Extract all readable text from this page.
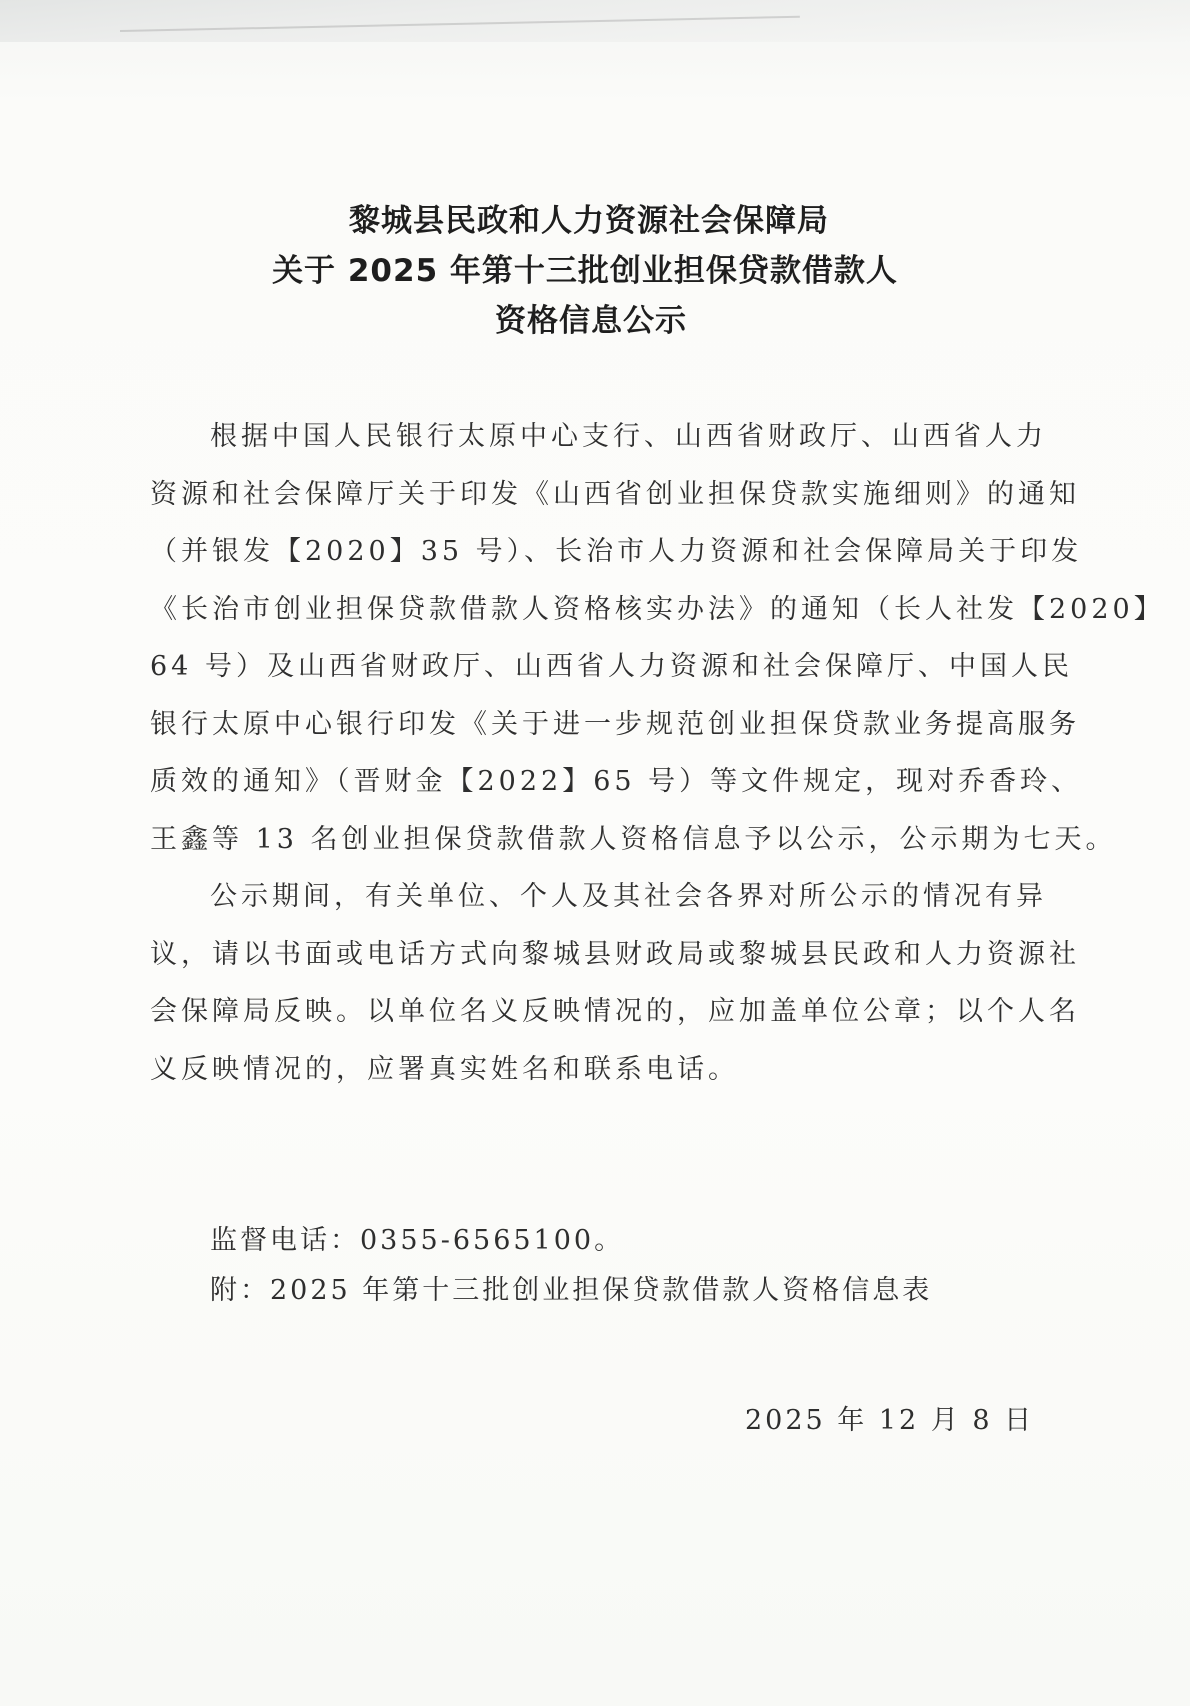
黎城县民政和人力资源社会保障局
关于 2025 年第十三批创业担保贷款借款人
资格信息公示
根据中国人民银行太原中心支行、山西省财政厅、山西省人力
资源和社会保障厅关于印发《山西省创业担保贷款实施细则》的通知
（并银发【2020】35 号）、长治市人力资源和社会保障局关于印发
《长治市创业担保贷款借款人资格核实办法》的通知（长人社发【2020】
64 号）及山西省财政厅、山西省人力资源和社会保障厅、中国人民
银行太原中心银行印发《关于进一步规范创业担保贷款业务提高服务
质效的通知》（晋财金【2022】65 号）等文件规定，现对乔香玲、
王鑫等 13 名创业担保贷款借款人资格信息予以公示，公示期为七天。
公示期间，有关单位、个人及其社会各界对所公示的情况有异
议，请以书面或电话方式向黎城县财政局或黎城县民政和人力资源社
会保障局反映。以单位名义反映情况的，应加盖单位公章；以个人名
义反映情况的，应署真实姓名和联系电话。
监督电话：0355-6565100。
附：2025 年第十三批创业担保贷款借款人资格信息表
2025 年 12 月 8 日
